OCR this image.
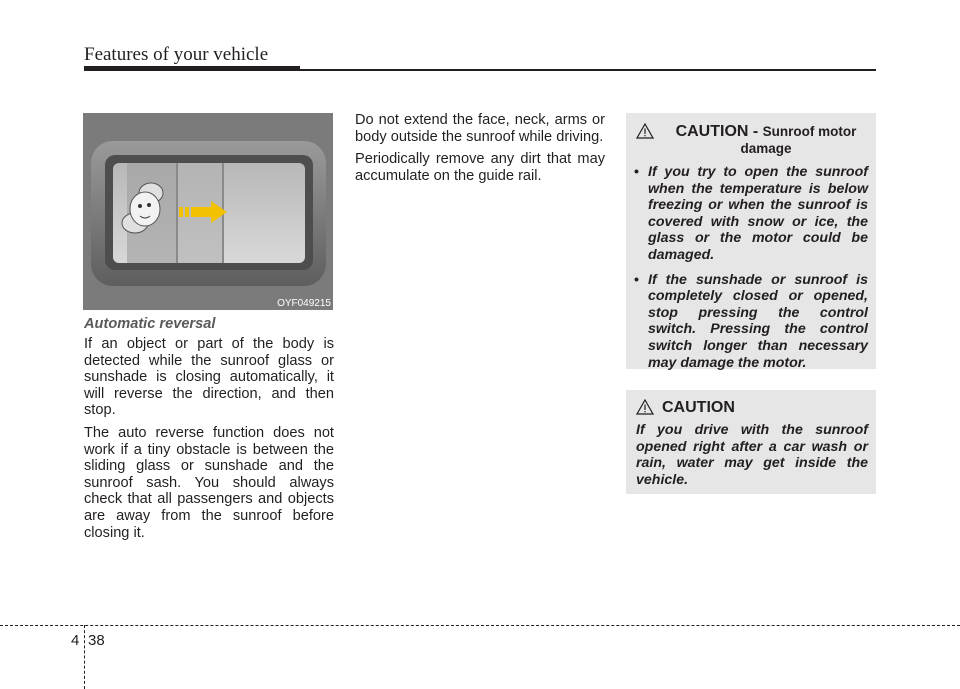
Features of your vehicle
OYF049215
Automatic reversal

If an object or part of the body is detected while the sunroof glass or sunshade is closing automatically, it will reverse the direction, and then stop.

The auto reverse function does not work if a tiny obstacle is between the sliding glass or sunshade and the sunroof sash. You should always check that all passengers and objects are away from the sunroof before closing it.

Do not extend the face, neck, arms or body outside the sunroof while driving.

Periodically remove any dirt that may accumulate on the guide rail.

CAUTION - Sunroof motor damage
• If you try to open the sunroof when the temperature is below freezing or when the sunroof is covered with snow or ice, the glass or the motor could be damaged.
• If the sunshade or sunroof is completely closed or opened, stop pressing the control switch. Pressing the control switch longer than necessary may damage the motor.
CAUTION
If you drive with the sunroof opened right after a car wash or rain, water may get inside the vehicle.
4 38
